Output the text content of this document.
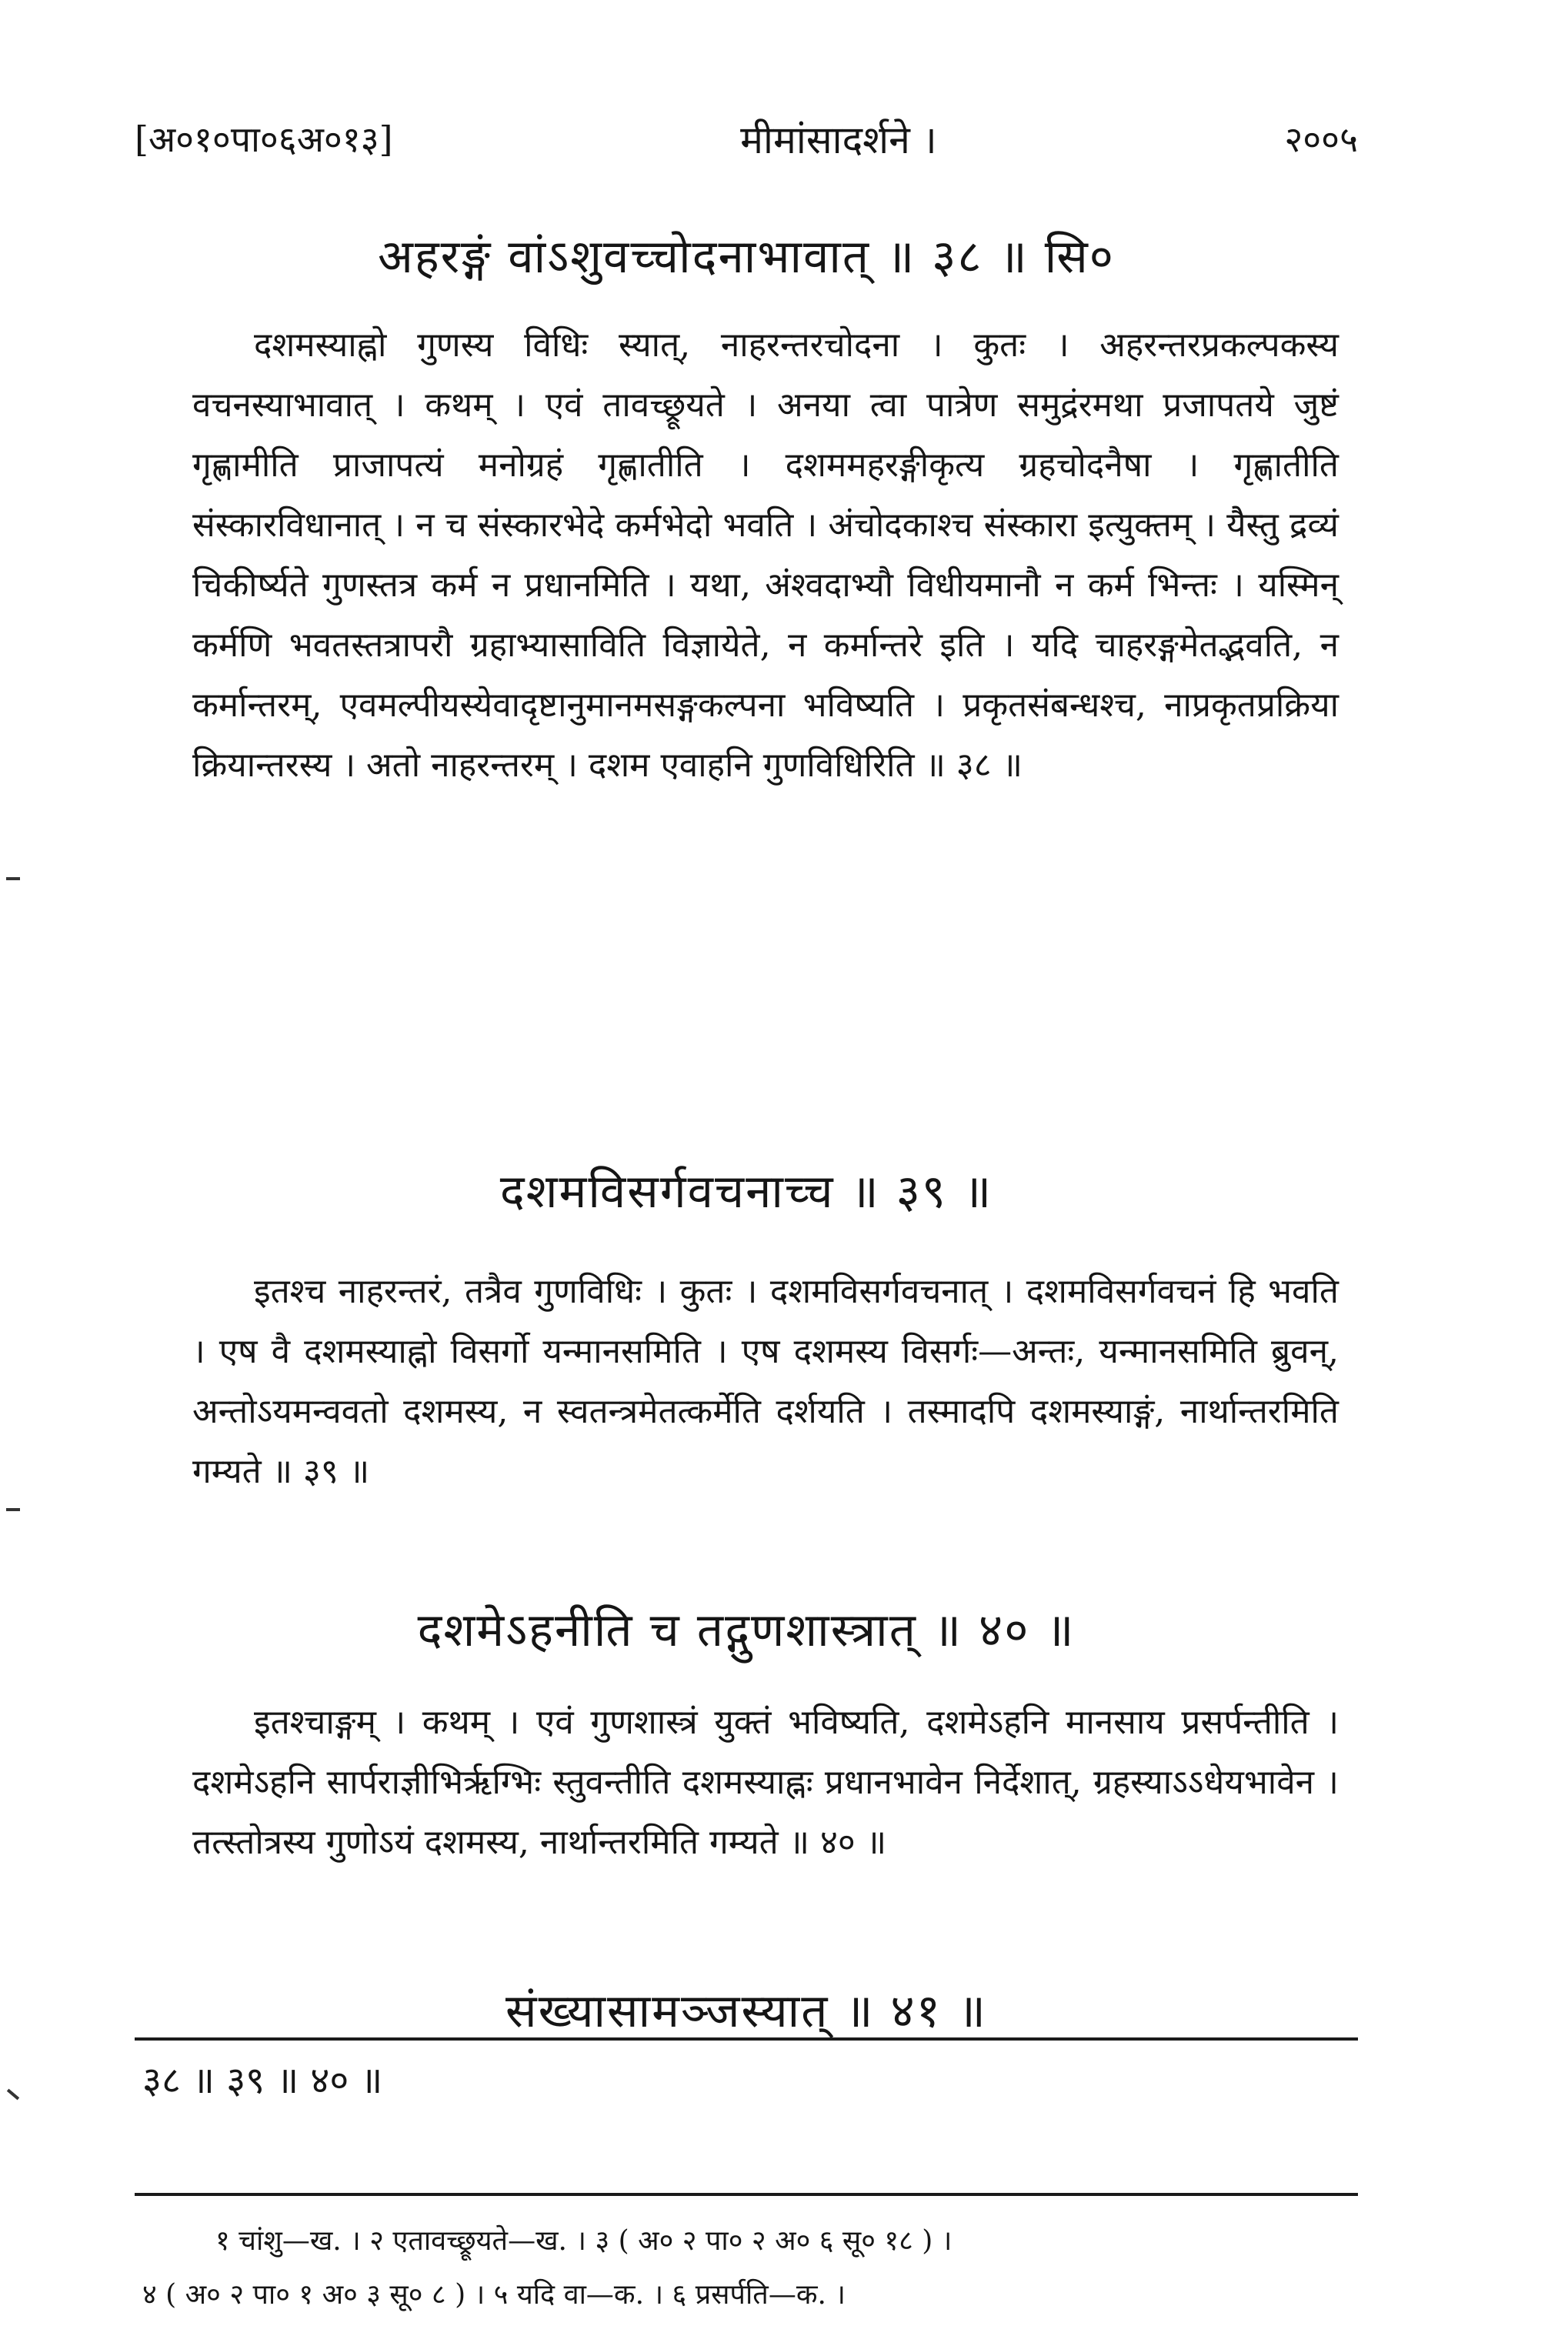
[अ०१०पा०६अ०१३]	मीमांसादर्शने ।	२००५
अहरङ्गं वांऽशुवच्चोदनाभावात् ॥ ३८ ॥ सि०
दशमस्याह्नो गुणस्य विधिः स्यात्, नाहरन्तरचोदना । कुतः । अहरन्तरप्रकल्पकस्य वचनस्याभावात् । कथम् । एवं तावच्छ्रूयते । अनया त्वा पात्रेण समुद्रंरमथा प्रजापतये जुष्टं गृह्णामीति प्राजापत्यं मनोग्रहं गृह्णातीति । दशममहरङ्गीकृत्य ग्रहचोदनैषा । गृह्णातीति संस्कारविधानात् । न च संस्कारभेदे कर्मभेदो भवति । अंचोदकाश्च संस्कारा इत्युक्तम् । येैस्तु द्रव्यं चिकीर्ष्यते गुणस्तत्र कर्म न प्रधानमिति । यथा, अंश्वदाभ्यौ विधीयमानौ न कर्म भिन्तः । यस्मिन् कर्मणि भवतस्तत्रापरौ ग्रहाभ्यासाविति विज्ञायेते, न कर्मान्तरे इति । यदि चाहरङ्गमेतद्भवति, न कर्मान्तरम्, एवमल्पीयस्येवादृष्टानुमानमसङ्गकल्पना भविष्यति । प्रकृतसंबन्धश्च, नाप्रकृतप्रक्रिया क्रियान्तरस्य । अतो नाहरन्तरम् । दशम एवाहनि गुणविधिरिति ॥ ३८ ॥
दशमविसर्गवचनाच्च ॥ ३९ ॥
इतश्च नाहरन्तरं, तत्रैव गुणविधिः । कुतः । दशमविसर्गवचनात् । दशमविसर्गवचनं हि भवति । एष वै दशमस्याह्नो विसर्गो यन्मानसमिति । एष दशमस्य विसर्गः—अन्तः, यन्मानसमिति ब्रुवन्, अन्तोऽयमन्ववतो दशमस्य, न स्वतन्त्रमेतत्कर्मेति दर्शयति । तस्मादपि दशमस्याङ्गं, नार्थान्तरमिति गम्यते ॥ ३९ ॥
दशमेऽहनीति च तद्गुणशास्त्रात् ॥ ४० ॥
इतश्चाङ्गम् । कथम् । एवं गुणशास्त्रं युक्तं भविष्यति, दशमेऽहनि मानसाय प्रसर्पन्तीति । दशमेऽहनि सार्पराज्ञीभिर्ऋग्भिः स्तुवन्तीति दशमस्याह्नः प्रधानभावेन निर्देशात्, ग्रहस्याऽऽधेयभावेन । तत्स्तोत्रस्य गुणोऽयं दशमस्य, नार्थान्तरमिति गम्यते ॥ ४० ॥
संख्यासामञ्जस्यात् ॥ ४१ ॥
३८ ॥ ३९ ॥ ४० ॥
१ चांशु—ख. । २ एतावच्छ्रूयते—ख. । ३ ( अ० २ पा० २ अ० ६ सू० १८ ) ।
४ ( अ० २ पा० १ अ० ३ सू० ८ ) । ५ यदि वा—क. । ६ प्रसर्पति—क. ।
